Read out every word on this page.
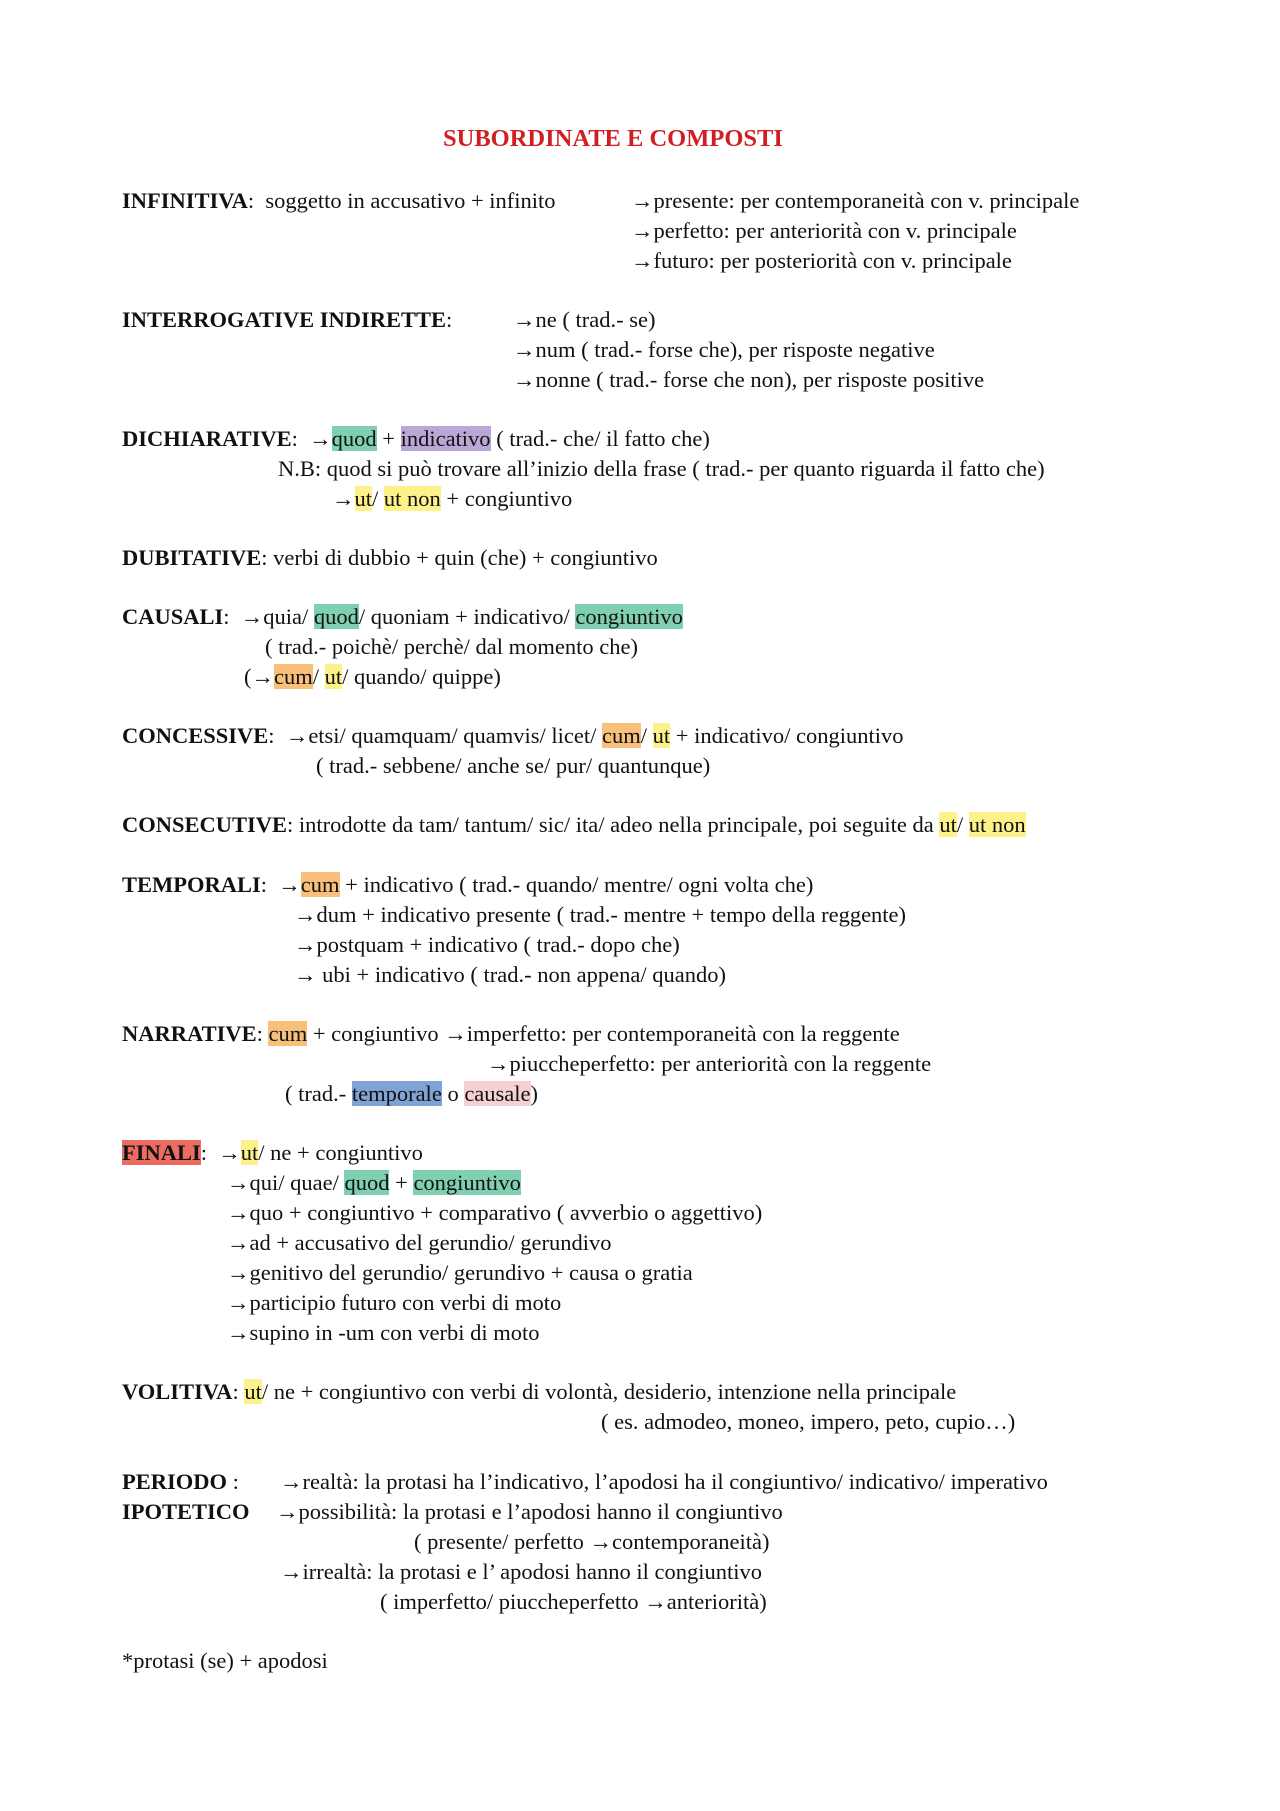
SUBORDINATE E COMPOSTI
INFINITIVA: soggetto in accusativo + infinito	→presente: per contemporaneità con v. principale
→perfetto: per anteriorità con v. principale
→futuro: per posteriorità con v. principale
INTERROGATIVE INDIRETTE:	→ne ( trad.- se)
→num ( trad.- forse che), per risposte negative
→nonne ( trad.- forse che non), per risposte positive
DICHIARATIVE: →quod + indicativo ( trad.- che/ il fatto che)
N.B: quod si può trovare all’inizio della frase ( trad.- per quanto riguarda il fatto che)
→ut/ ut non + congiuntivo
DUBITATIVE: verbi di dubbio + quin (che) + congiuntivo
CAUSALI: →quia/ quod/ quoniam + indicativo/ congiuntivo
( trad.- poichè/ perchè/ dal momento che)
(→cum/ ut/ quando/ quippe)
CONCESSIVE: →etsi/ quamquam/ quamvis/ licet/ cum/ ut + indicativo/ congiuntivo
( trad.- sebbene/ anche se/ pur/ quantunque)
CONSECUTIVE: introdotte da tam/ tantum/ sic/ ita/ adeo nella principale, poi seguite da ut/ ut non
TEMPORALI: →cum + indicativo ( trad.- quando/ mentre/ ogni volta che)
→dum + indicativo presente ( trad.- mentre + tempo della reggente)
→postquam + indicativo ( trad.- dopo che)
→ ubi + indicativo ( trad.- non appena/ quando)
NARRATIVE: cum + congiuntivo →imperfetto: per contemporaneità con la reggente
→piuccheperfetto: per anteriorità con la reggente
( trad.- temporale o causale)
FINALI: →ut/ ne + congiuntivo
→qui/ quae/ quod + congiuntivo
→quo + congiuntivo + comparativo ( avverbio o aggettivo)
→ad + accusativo del gerundio/ gerundivo
→genitivo del gerundio/ gerundivo + causa o gratia
→participio futuro con verbi di moto
→supino in -um con verbi di moto
VOLITIVA: ut/ ne + congiuntivo con verbi di volontà, desiderio, intenzione nella principale
( es. admodeo, moneo, impero, peto, cupio…)
PERIODO : →realtà: la protasi ha l’indicativo, l’apodosi ha il congiuntivo/ indicativo/ imperativo
IPOTETICO →possibilità: la protasi e l’apodosi hanno il congiuntivo
( presente/ perfetto →contemporaneità)
→irrealtà: la protasi e l’ apodosi hanno il congiuntivo
( imperfetto/ piuccheperfetto →anteriorità)
*protasi (se) + apodosi
